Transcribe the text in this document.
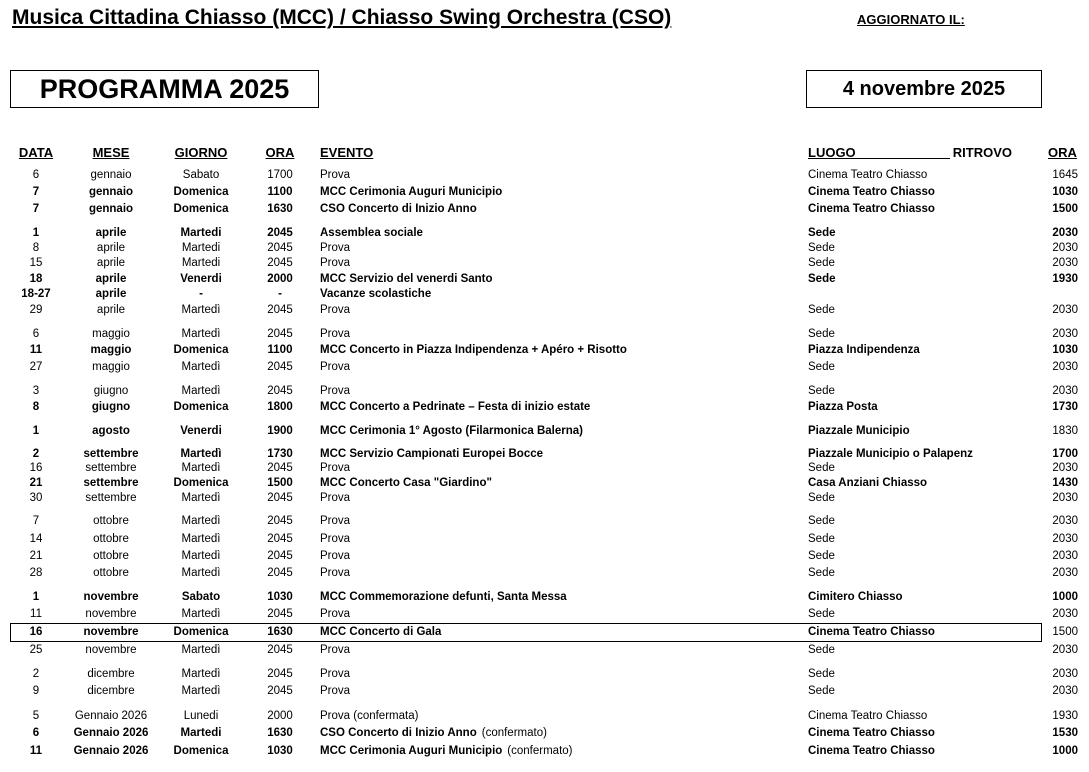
Musica Cittadina Chiasso (MCC) / Chiasso Swing Orchestra (CSO)	AGGIORNATO IL:
PROGRAMMA 2025	4 novembre 2025
DATA	MESE	GIORNO	ORA EVENTO	LUOGO	RITROVO	ORA
6	gennaio	Sabato	1700 Prova	Cinema Teatro Chiasso	1645
7	gennaio	Domenica	1100 MCC Cerimonia Auguri Municipio	Cinema Teatro Chiasso	1030
7	gennaio	Domenica	1630 CSO Concerto di Inizio Anno	Cinema Teatro Chiasso	1500
1	aprile	Martedi	2045 Assemblea sociale	Sede	2030
8	aprile	Martedi	2045 Prova	Sede	2030
15	aprile	Martedi	2045 Prova	Sede	2030
18	aprile	Venerdi	2000 MCC Servizio del venerdi Santo	Sede	1930
18-27	aprile	-	-	Vacanze scolastiche
29	aprile	Martedì	2045 Prova	Sede	2030
6	maggio	Martedì	2045 Prova	Sede	2030
11	maggio	Domenica	1100 MCC Concerto in Piazza Indipendenza + Apéro + Risotto	Piazza Indipendenza	1030
27	maggio	Martedì	2045 Prova	Sede	2030
3	giugno	Martedì	2045 Prova	Sede	2030
8	giugno	Domenica	1800 MCC Concerto a Pedrinate – Festa di inizio estate	Piazza Posta	1730
1	agosto	Venerdi	1900 MCC Cerimonia 1° Agosto (Filarmonica Balerna)	Piazzale Municipio	1830
2	settembre	Martedì	1730 MCC Servizio Campionati Europei Bocce	Piazzale Municipio o Palapenz	1700
16	settembre	Martedì	2045 Prova	Sede	2030
21	settembre	Domenica	1500 MCC Concerto Casa "Giardino"	Casa Anziani Chiasso	1430
30	settembre	Martedì	2045 Prova	Sede	2030
7	ottobre	Martedì	2045 Prova	Sede	2030
14	ottobre	Martedì	2045 Prova	Sede	2030
21	ottobre	Martedì	2045 Prova	Sede	2030
28	ottobre	Martedì	2045 Prova	Sede	2030
1	novembre	Sabato	1030 MCC Commemorazione defunti, Santa Messa	Cimitero Chiasso	1000
11	novembre	Martedì	2045 Prova	Sede	2030
16	novembre	Domenica	1630 MCC Concerto di Gala	Cinema Teatro Chiasso	1500
25	novembre	Martedì	2045 Prova	Sede	2030
2	dicembre	Martedì	2045 Prova	Sede	2030
9	dicembre	Martedì	2045 Prova	Sede	2030
5	Gennaio 2026	Lunedi	2000 Prova (confermata)	Cinema Teatro Chiasso	1930
6	Gennaio 2026	Martedi	1630 CSO Concerto di Inizio Anno (confermato)	Cinema Teatro Chiasso	1530
11	Gennaio 2026 Domenica	1030 MCC Cerimonia Auguri Municipio (confermato)	Cinema Teatro Chiasso	1000
